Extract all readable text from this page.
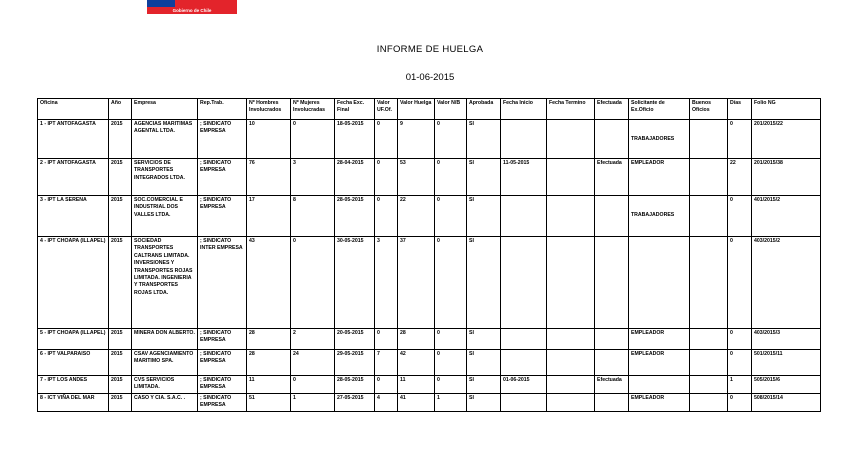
Gobierno de Chile
INFORME DE HUELGA
01-06-2015
Oficina	Año	Empresa	Rep.Trab.	Nº Hombres Involucrados	Nº Mujeres Involucradas	Fecha Exc. Final	Valor UF.Of.	Valor Huelga	Valor N/B	Aprobada	Fecha Inicio	Fecha Termino	Efectuada	Solicitante de Ex.Oficio	Buenos Oficios	Días	Folio NG
1 - IPT ANTOFAGASTA	2015	AGENCIAS MARITIMAS AGENTAL LTDA.	; SINDICATO EMPRESA	10	0	18-05-2015	0	9	0	SI				TRABAJADORES		0	201/2015/22
2 - IPT ANTOFAGASTA	2015	SERVICIOS DE TRANSPORTES INTEGRADOS LTDA.	; SINDICATO EMPRESA	76	3	28-04-2015	0	53	0	SI	11-05-2015		Efectuada	EMPLEADOR		22	201/2015/38
3 - IPT LA SERENA	2015	SOC.COMERCIAL E INDUSTRIAL DOS VALLES LTDA.	; SINDICATO EMPRESA	17	8	28-05-2015	0	22	0	SI				TRABAJADORES		0	401/2015/2
4 - IPT CHOAPA (ILLAPEL)	2015	SOCIEDAD TRANSPORTES CALTRANS LIMITADA. INVERSIONES Y TRANSPORTES ROJAS LIMITADA. INGENIERIA Y TRANSPORTES ROJAS LTDA.	; SINDICATO INTER EMPRESA	43	0	30-05-2015	3	37	0	SI						0	403/2015/2
5 - IPT CHOAPA (ILLAPEL)	2015	MINERA DON ALBERTO.	; SINDICATO EMPRESA	28	2	20-05-2015	0	28	0	SI				EMPLEADOR		0	403/2015/3
6 - IPT VALPARAISO	2015	CSAV AGENCIAMIENTO MARITIMO SPA.	; SINDICATO EMPRESA	28	24	29-05-2015	7	42	0	SI				EMPLEADOR		0	501/2015/11
7 - IPT LOS ANDES	2015	CVS SERVICIOS LIMITADA.	; SINDICATO EMPRESA	11	0	28-05-2015	0	11	0	SI	01-06-2015		Efectuada			1	505/2015/6
8 - ICT VIÑA DEL MAR	2015	CASO Y CIA. S.A.C. .	; SINDICATO EMPRESA	51	1	27-05-2015	4	41	1	SI				EMPLEADOR		0	508/2015/14
